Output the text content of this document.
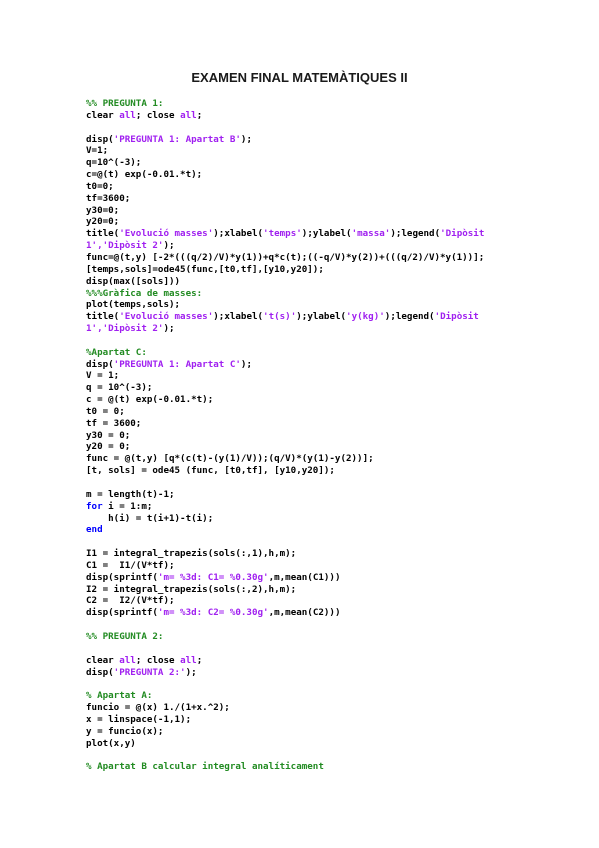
EXAMEN FINAL MATEMÀTIQUES II
%% PREGUNTA 1:
clear all; close all;
disp('PREGUNTA 1: Apartat B');
V=1;
q=10^(-3);
c=@(t) exp(-0.01.*t);
t0=0;
tf=3600;
y30=0;
y20=0;
title('Evolució masses');xlabel('temps');ylabel('massa');legend('Dipòsit
1','Dipòsit 2');
func=@(t,y) [-2*(((q/2)/V)*y(1))+q*c(t);((-q/V)*y(2))+(((q/2)/V)*y(1))];
[temps,sols]=ode45(func,[t0,tf],[y10,y20]);
disp(max([sols]))
%%%Gràfica de masses:
plot(temps,sols);
title('Evolució masses');xlabel('t(s)');ylabel('y(kg)');legend('Dipòsit
1','Dipòsit 2');
%Apartat C:
disp('PREGUNTA 1: Apartat C');
V = 1;
q = 10^(-3);
c = @(t) exp(-0.01.*t);
t0 = 0;
tf = 3600;
y30 = 0;
y20 = 0;
func = @(t,y) [q*(c(t)-(y(1)/V));(q/V)*(y(1)-y(2))];
[t, sols] = ode45 (func, [t0,tf], [y10,y20]);
m = length(t)-1;
for i = 1:m;
h(i) = t(i+1)-t(i);
end
I1 = integral_trapezis(sols(:,1),h,m);
C1 =  I1/(V*tf);
disp(sprintf('m= %3d: C1= %0.30g',m,mean(C1)))
I2 = integral_trapezis(sols(:,2),h,m);
C2 =  I2/(V*tf);
disp(sprintf('m= %3d: C2= %0.30g',m,mean(C2)))
%% PREGUNTA 2:
clear all; close all;
disp('PREGUNTA 2:');
% Apartat A:
funcio = @(x) 1./(1+x.^2);
x = linspace(-1,1);
y = funcio(x);
plot(x,y)
% Apartat B calcular integral analíticament
